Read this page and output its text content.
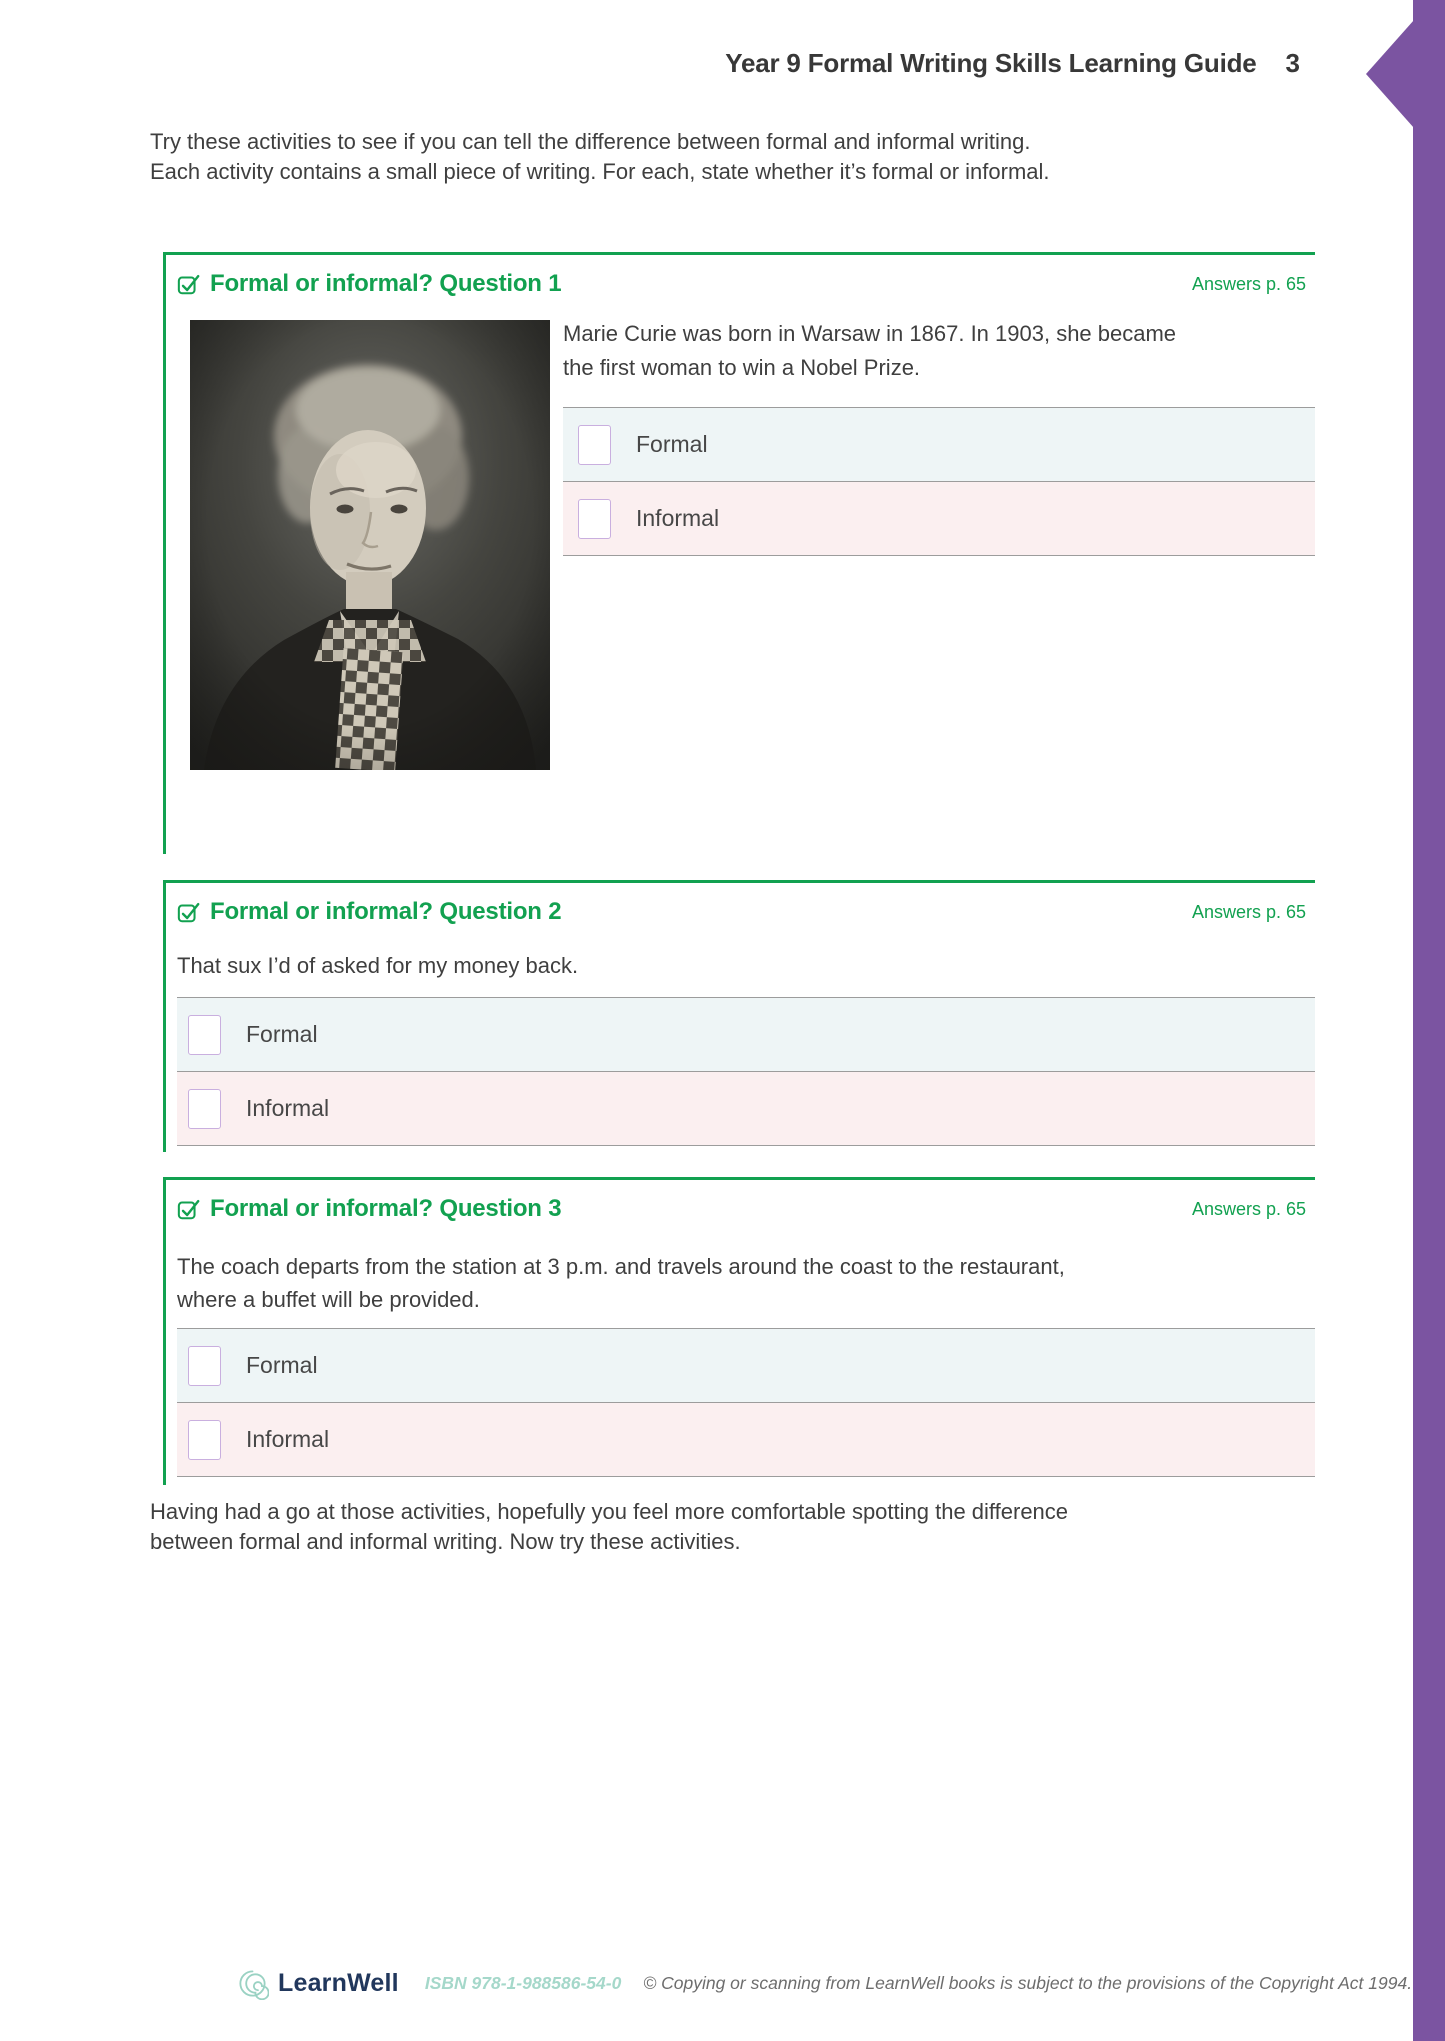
Year 9 Formal Writing Skills Learning Guide 3

Try these activities to see if you can tell the difference between formal and informal writing.
Each activity contains a small piece of writing. For each, state whether it’s formal or informal.

Formal or informal? Question 1	Answers p. 65

Marie Curie was born in Warsaw in 1867. In 1903, she became
the first woman to win a Nobel Prize.

Formal
Informal
Formal or informal? Question 2	Answers p. 65

That sux I’d of asked for my money back.

Formal
Informal
Formal or informal? Question 3	Answers p. 65

The coach departs from the station at 3 p.m. and travels around the coast to the restaurant,
where a buffet will be provided.

Formal
Informal

Having had a go at those activities, hopefully you feel more comfortable spotting the difference
between formal and informal writing. Now try these activities.

LearnWell ISBN 978-1-988586-54-0 © Copying or scanning from LearnWell books is subject to the provisions of the Copyright Act 1994.
